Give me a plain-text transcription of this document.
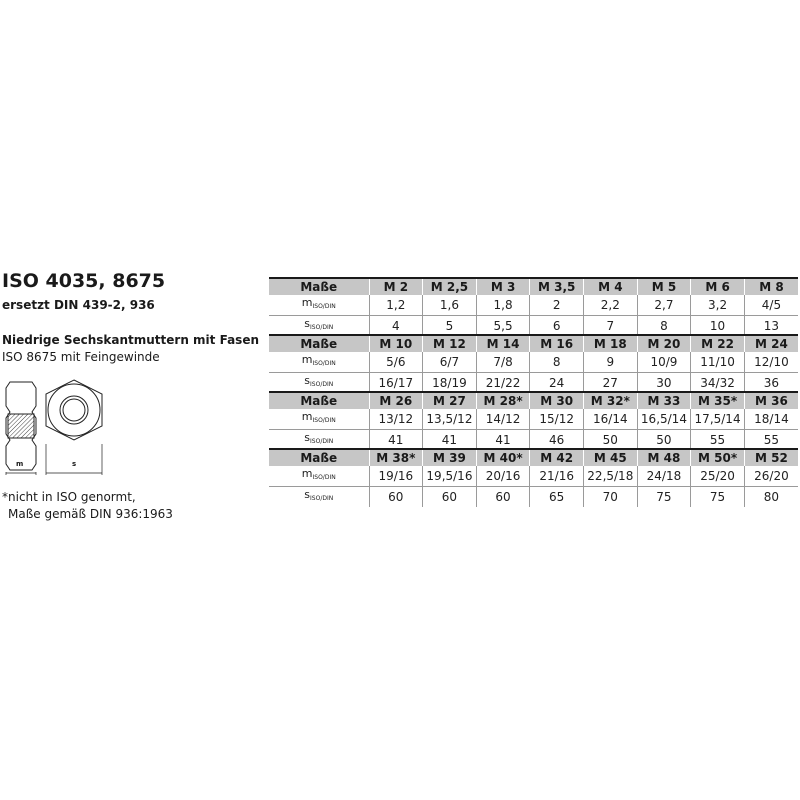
ISO 4035, 8675
ersetzt DIN 439-2, 936
Niedrige Sechskantmuttern mit Fasen
ISO 8675 mit Feingewinde
m	s
*nicht in ISO genormt,
Maße gemäß DIN 936:1963
Maße	M 2	M 2,5	M 3	M 3,5	M 4	M 5	M 6	M 8
$m_{ISO/DIN}$	1,2	1,6	1,8	2	2,2	2,7	3,2	4/5
$s_{ISO/DIN}$	4	5	5,5	6	7	8	10	13
Maße	M 10	M 12	M 14	M 16	M 18	M 20	M 22	M 24
$m_{ISO/DIN}$	5/6	6/7	7/8	8	9	10/9	11/10	12/10
$s_{ISO/DIN}$	16/17	18/19	21/22	24	27	30	34/32	36
Maße	M 26	M 27	M 28*	M 30	M 32*	M 33	M 35*	M 36
$m_{ISO/DIN}$	13/12	13,5/12	14/12	15/12	16/14	16,5/14	17,5/14	18/14
$s_{ISO/DIN}$	41	41	41	46	50	50	55	55
Maße	M 38*	M 39	M 40*	M 42	M 45	M 48	M 50*	M 52
$m_{ISO/DIN}$	19/16	19,5/16	20/16	21/16	22,5/18	24/18	25/20	26/20
$s_{ISO/DIN}$	60	60	60	65	70	75	75	80
